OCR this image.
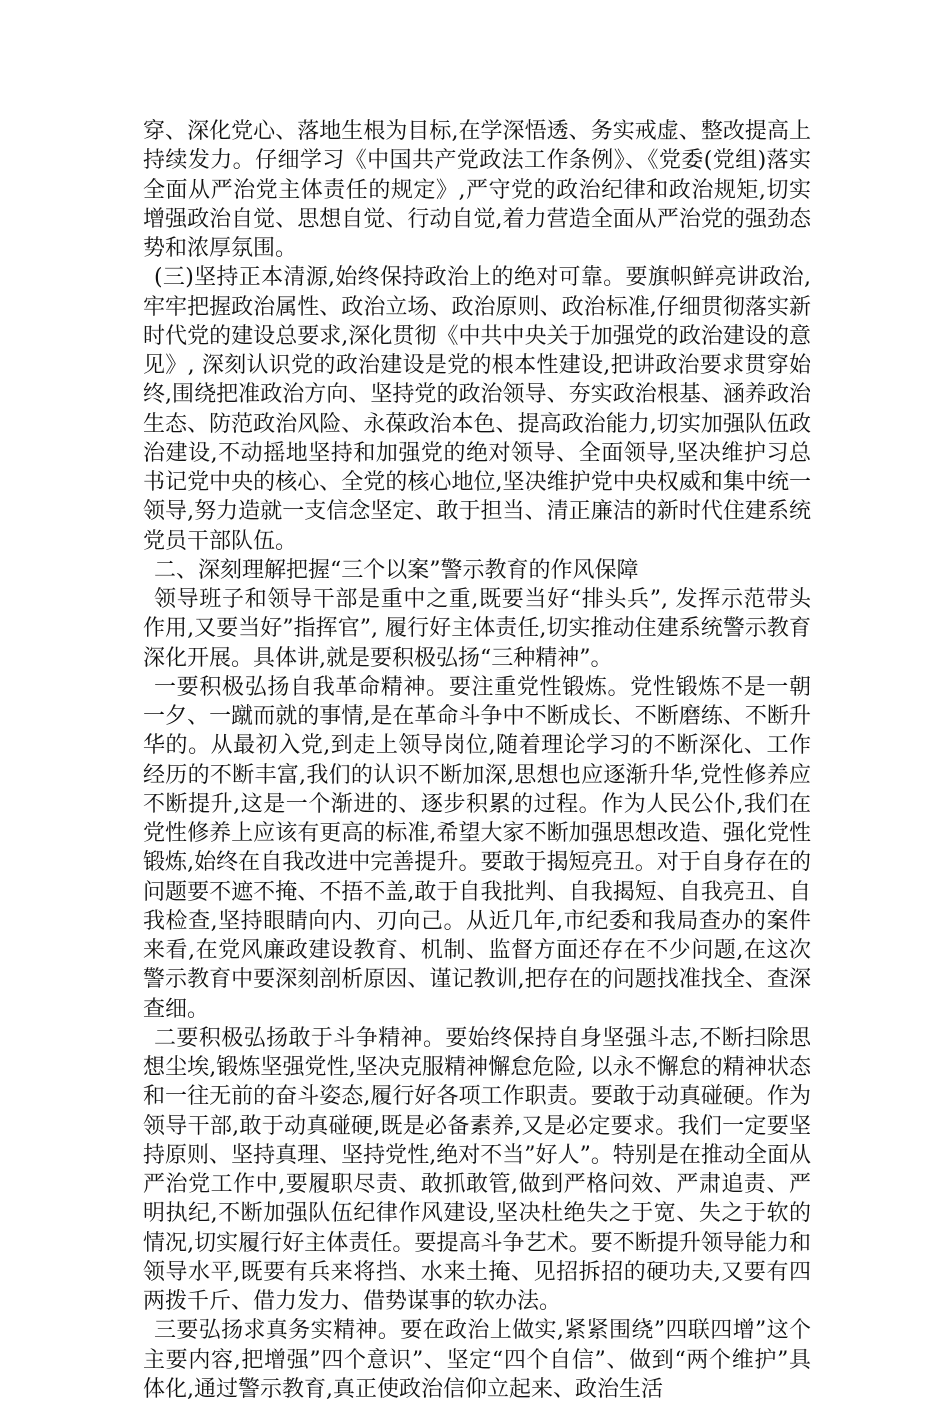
穿、深化党心、落地生根为目标,在学深悟透、务实戒虚、整改提高上持续发力。仔细学习《中国共产党政法工作条例》、《党委(党组)落实全面从严治党主体责任的规定》,严守党的政治纪律和政治规矩,切实增强政治自觉、思想自觉、行动自觉,着力营造全面从严治党的强劲态势和浓厚氛围。

(三)坚持正本清源,始终保持政治上的绝对可靠。要旗帜鲜亮讲政治,牢牢把握政治属性、政治立场、政治原则、政治标准,仔细贯彻落实新时代党的建设总要求,深化贯彻《中共中央关于加强党的政治建设的意见》, 深刻认识党的政治建设是党的根本性建设,把讲政治要求贯穿始终,围绕把准政治方向、坚持党的政治领导、夯实政治根基、涵养政治生态、防范政治风险、永葆政治本色、提高政治能力,切实加强队伍政治建设,不动摇地坚持和加强党的绝对领导、全面领导,坚决维护习总书记党中央的核心、全党的核心地位,坚决维护党中央权威和集中统一领导,努力造就一支信念坚定、敢于担当、清正廉洁的新时代住建系统党员干部队伍。

二、深刻理解把握“三个以案”警示教育的作风保障

领导班子和领导干部是重中之重,既要当好“排头兵”, 发挥示范带头作用,又要当好”指挥官”, 履行好主体责任,切实推动住建系统警示教育深化开展。具体讲,就是要积极弘扬“三种精神”。

一要积极弘扬自我革命精神。要注重党性锻炼。党性锻炼不是一朝一夕、一蹴而就的事情,是在革命斗争中不断成长、不断磨练、不断升华的。从最初入党,到走上领导岗位,随着理论学习的不断深化、工作经历的不断丰富,我们的认识不断加深,思想也应逐渐升华,党性修养应不断提升,这是一个渐进的、逐步积累的过程。作为人民公仆,我们在党性修养上应该有更高的标准,希望大家不断加强思想改造、强化党性锻炼,始终在自我改进中完善提升。要敢于揭短亮丑。对于自身存在的问题要不遮不掩、不捂不盖,敢于自我批判、自我揭短、自我亮丑、自我检查,坚持眼睛向内、刃向己。从近几年,市纪委和我局查办的案件来看,在党风廉政建设教育、机制、监督方面还存在不少问题,在这次警示教育中要深刻剖析原因、谨记教训,把存在的问题找准找全、查深查细。

二要积极弘扬敢于斗争精神。要始终保持自身坚强斗志,不断扫除思想尘埃,锻炼坚强党性,坚决克服精神懈怠危险, 以永不懈怠的精神状态和一往无前的奋斗姿态,履行好各项工作职责。要敢于动真碰硬。作为领导干部,敢于动真碰硬,既是必备素养,又是必定要求。我们一定要坚持原则、坚持真理、坚持党性,绝对不当”好人”。特别是在推动全面从严治党工作中,要履职尽责、敢抓敢管,做到严格问效、严肃追责、严明执纪,不断加强队伍纪律作风建设,坚决杜绝失之于宽、失之于软的情况,切实履行好主体责任。要提高斗争艺术。要不断提升领导能力和领导水平,既要有兵来将挡、水来土掩、见招拆招的硬功夫,又要有四两拨千斤、借力发力、借势谋事的软办法。

三要弘扬求真务实精神。要在政治上做实,紧紧围绕”四联四增”这个主要内容,把增强”四个意识”、坚定“四个自信”、做到“两个维护”具体化,通过警示教育,真正使政治信仰立起来、政治生活
